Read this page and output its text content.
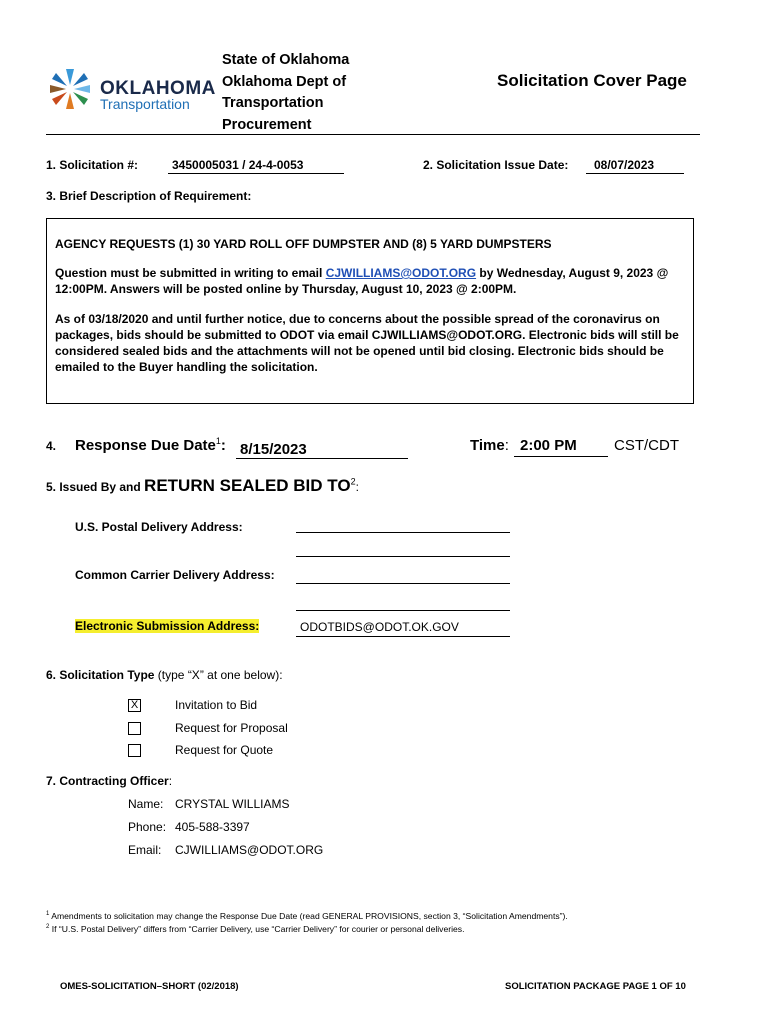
OKLAHOMA
Transportation
State of Oklahoma
Oklahoma Dept of
Transportation
Procurement
Solicitation Cover Page
1. Solicitation #:	3450005031 / 24-4-0053	2. Solicitation Issue Date:	08/07/2023
3. Brief Description of Requirement:

AGENCY REQUESTS (1) 30 YARD ROLL OFF DUMPSTER AND (8) 5 YARD DUMPSTERS

Question must be submitted in writing to email CJWILLIAMS@ODOT.ORG by Wednesday, August 9, 2023 @ 12:00PM. Answers will be posted online by Thursday, August 10, 2023 @ 2:00PM.

As of 03/18/2020 and until further notice, due to concerns about the possible spread of the coronavirus on packages, bids should be submitted to ODOT via email CJWILLIAMS@ODOT.ORG. Electronic bids will still be considered sealed bids and the attachments will not be opened until bid closing. Electronic bids should be emailed to the Buyer handling the solicitation.

4. Response Due Date$^1$: 8/15/2023	Time: 2:00 PM	CST/CDT
5. Issued By and RETURN SEALED BID $TO^2$:
U.S. Postal Delivery Address:
Common Carrier Delivery Address:
Electronic Submission Address:	ODOTBIDS@ODOT.OK.GOV
6. Solicitation Type (type “X” at one below):
X	Invitation to Bid
Request for Proposal
Request for Quote
7. Contracting Officer:
Name: CRYSTAL WILLIAMS
Phone: 405-588-3397
Email: CJWILLIAMS@ODOT.ORG
$^1$ Amendments to solicitation may change the Response Due Date (read GENERAL PROVISIONS, section 3, “Solicitation Amendments”).
$^2$ If “U.S. Postal Delivery” differs from “Carrier Delivery, use “Carrier Delivery” for courier or personal deliveries.
OMES-SOLICITATION–SHORT (02/2018)	SOLICITATION PACKAGE PAGE 1 OF 10
